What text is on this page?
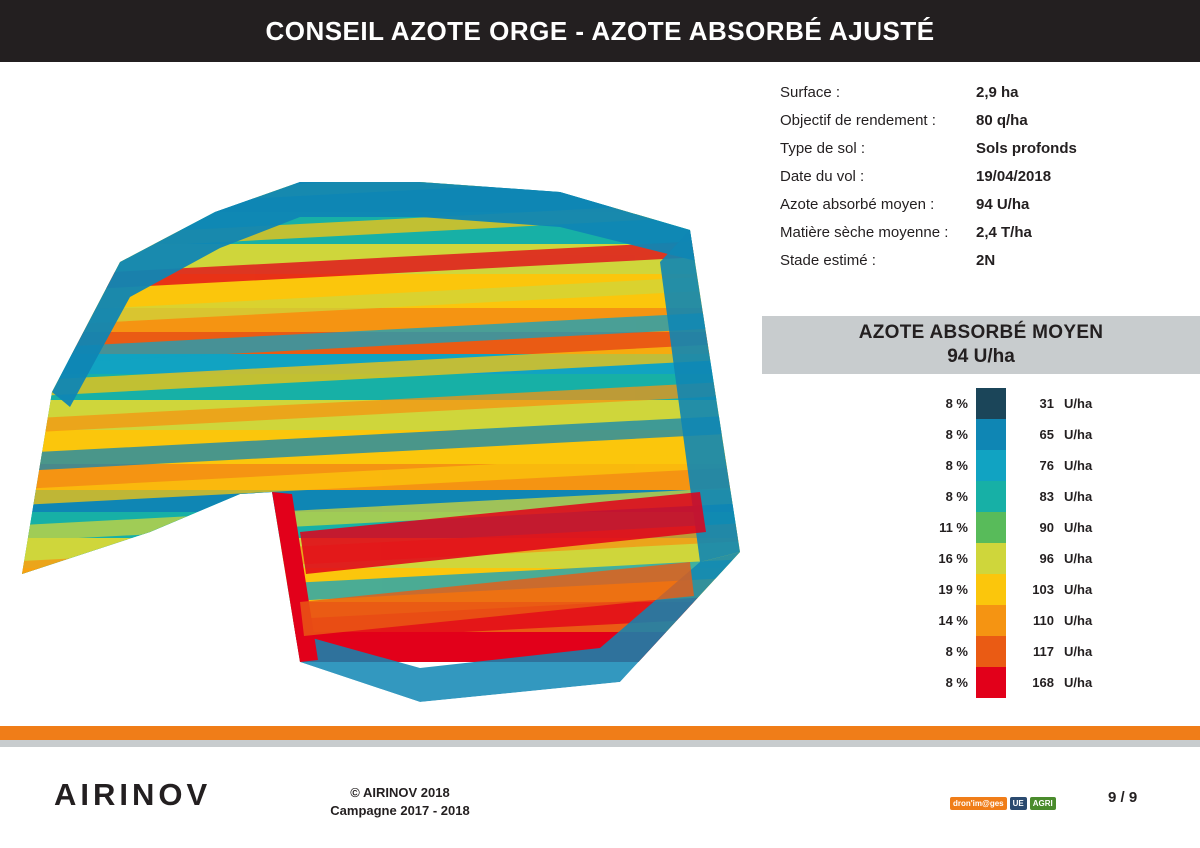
CONSEIL AZOTE ORGE - AZOTE ABSORBÉ AJUSTÉ
Surface :	2,9 ha
Objectif de rendement :	80 q/ha
Type de sol :	Sols profonds
Date du vol :	19/04/2018
Azote absorbé moyen :	94 U/ha
Matière sèche moyenne :	2,4 T/ha
Stade estimé :	2N
AZOTE ABSORBÉ MOYEN
94 U/ha
8 %	31 U/ha
8 %	65 U/ha
8 %	76 U/ha
8 %	83 U/ha
11 %	90 U/ha
16 %	96 U/ha
19 %	103 U/ha
14 %	110 U/ha
8 %	117 U/ha
8 %	168 U/ha
AIRINOV	© AIRINOV 2018
Campagne 2017 - 2018	dron'im@ges	UE	AGRI	9 / 9
